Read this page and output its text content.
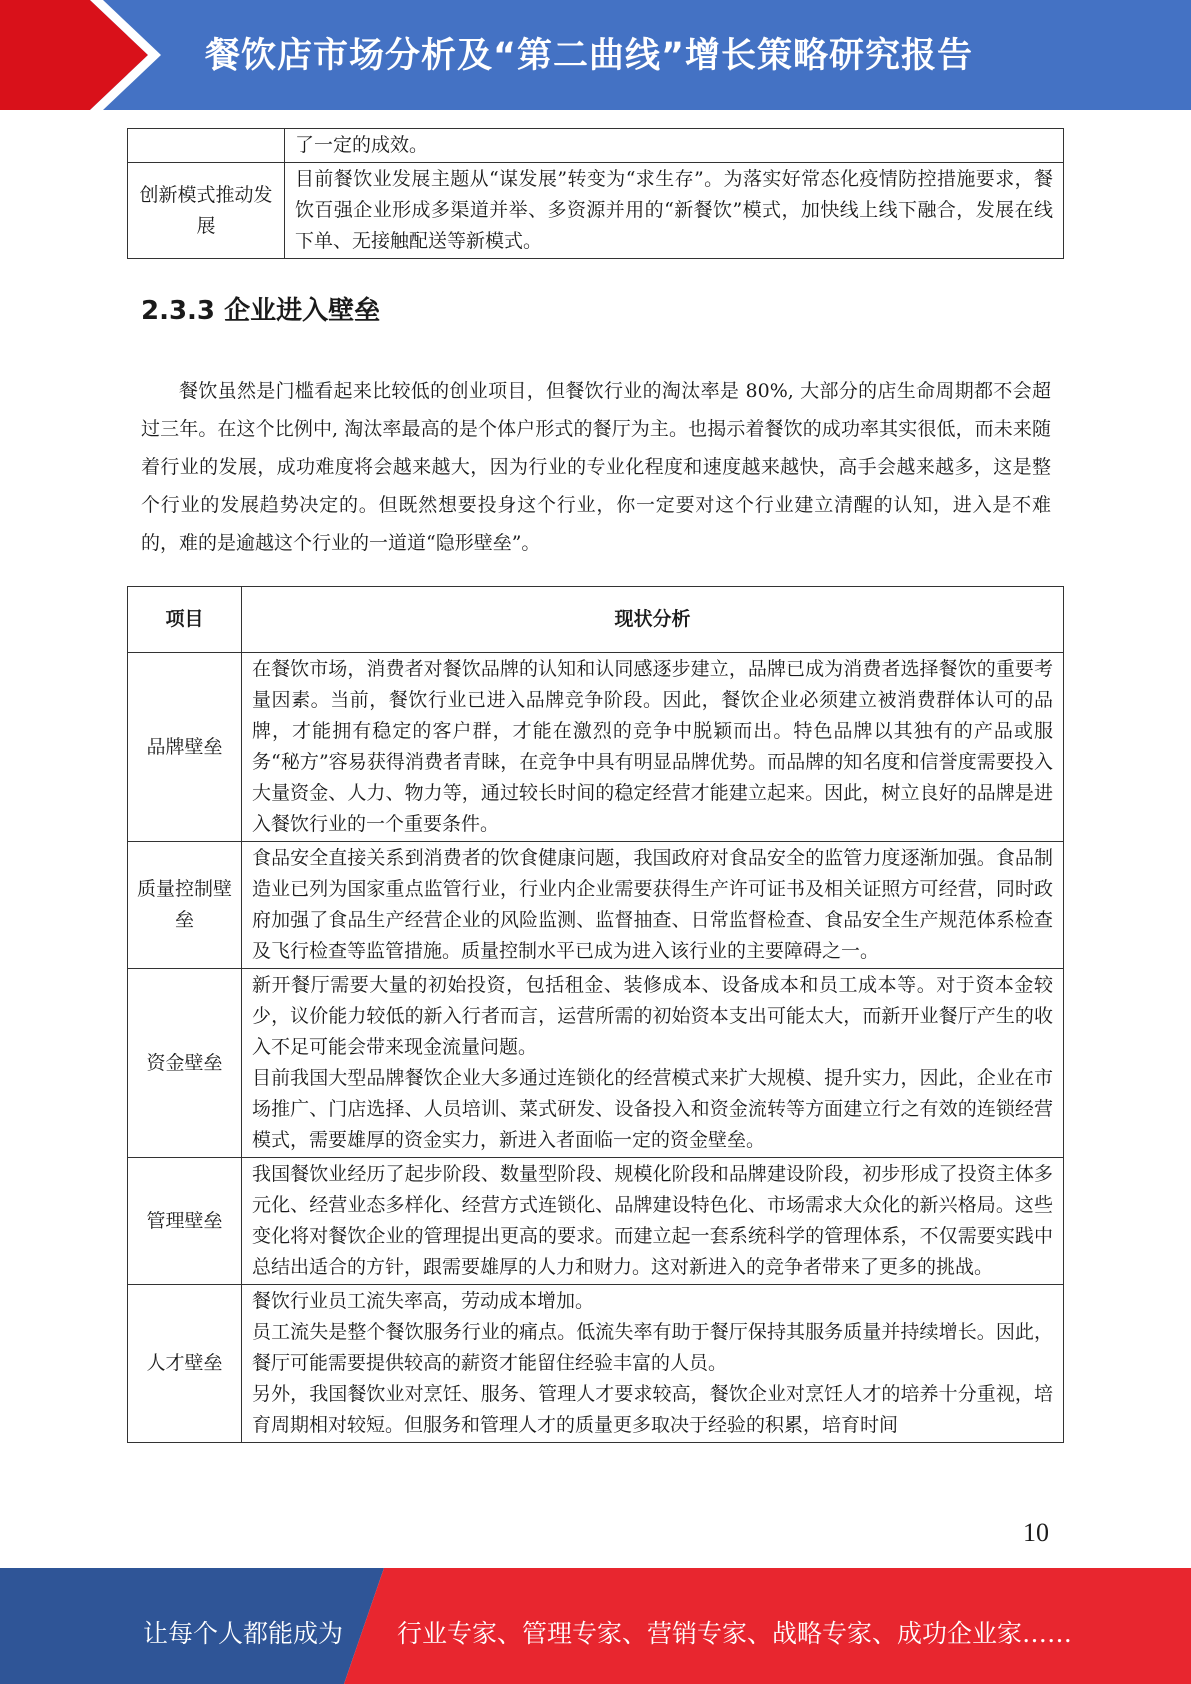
餐饮店市场分析及“第二曲线”增长策略研究报告
	了一定的成效。
创新模式推动发展	目前餐饮业发展主题从“谋发展”转变为“求生存”。为落实好常态化疫情防控措施要求，餐饮百强企业形成多渠道并举、多资源并用的“新餐饮”模式，加快线上线下融合，发展在线下单、无接触配送等新模式。
2.3.3 企业进入壁垒

餐饮虽然是门槛看起来比较低的创业项目，但餐饮行业的淘汰率是 80%, 大部分的店生命周期都不会超过三年。在这个比例中, 淘汰率最高的是个体户形式的餐厅为主。也揭示着餐饮的成功率其实很低，而未来随着行业的发展，成功难度将会越来越大，因为行业的专业化程度和速度越来越快，高手会越来越多，这是整个行业的发展趋势决定的。但既然想要投身这个行业，你一定要对这个行业建立清醒的认知，进入是不难的，难的是逾越这个行业的一道道“隐形壁垒”。

项目	现状分析
品牌壁垒	在餐饮市场，消费者对餐饮品牌的认知和认同感逐步建立，品牌已成为消费者选择餐饮的重要考量因素。当前，餐饮行业已进入品牌竞争阶段。因此，餐饮企业必须建立被消费群体认可的品牌，才能拥有稳定的客户群，才能在激烈的竞争中脱颖而出。特色品牌以其独有的产品或服务“秘方”容易获得消费者青睐，在竞争中具有明显品牌优势。而品牌的知名度和信誉度需要投入大量资金、人力、物力等，通过较长时间的稳定经营才能建立起来。因此，树立良好的品牌是进入餐饮行业的一个重要条件。
质量控制壁垒	食品安全直接关系到消费者的饮食健康问题，我国政府对食品安全的监管力度逐渐加强。食品制造业已列为国家重点监管行业，行业内企业需要获得生产许可证书及相关证照方可经营，同时政府加强了食品生产经营企业的风险监测、监督抽查、日常监督检查、食品安全生产规范体系检查及飞行检查等监管措施。质量控制水平已成为进入该行业的主要障碍之一。
资金壁垒	新开餐厅需要大量的初始投资，包括租金、装修成本、设备成本和员工成本等。对于资本金较少，议价能力较低的新入行者而言，运营所需的初始资本支出可能太大，而新开业餐厅产生的收入不足可能会带来现金流量问题。
目前我国大型品牌餐饮企业大多通过连锁化的经营模式来扩大规模、提升实力，因此，企业在市场推广、门店选择、人员培训、菜式研发、设备投入和资金流转等方面建立行之有效的连锁经营模式，需要雄厚的资金实力，新进入者面临一定的资金壁垒。
管理壁垒	我国餐饮业经历了起步阶段、数量型阶段、规模化阶段和品牌建设阶段，初步形成了投资主体多元化、经营业态多样化、经营方式连锁化、品牌建设特色化、市场需求大众化的新兴格局。这些变化将对餐饮企业的管理提出更高的要求。而建立起一套系统科学的管理体系，不仅需要实践中总结出适合的方针，跟需要雄厚的人力和财力。这对新进入的竞争者带来了更多的挑战。
人才壁垒	餐饮行业员工流失率高，劳动成本增加。
员工流失是整个餐饮服务行业的痛点。低流失率有助于餐厅保持其服务质量并持续增长。因此，餐厅可能需要提供较高的薪资才能留住经验丰富的人员。
另外，我国餐饮业对烹饪、服务、管理人才要求较高，餐饮企业对烹饪人才的培养十分重视，培育周期相对较短。但服务和管理人才的质量更多取决于经验的积累，培育时间
10
让每个人都能成为 行业专家、管理专家、营销专家、战略专家、成功企业家……
